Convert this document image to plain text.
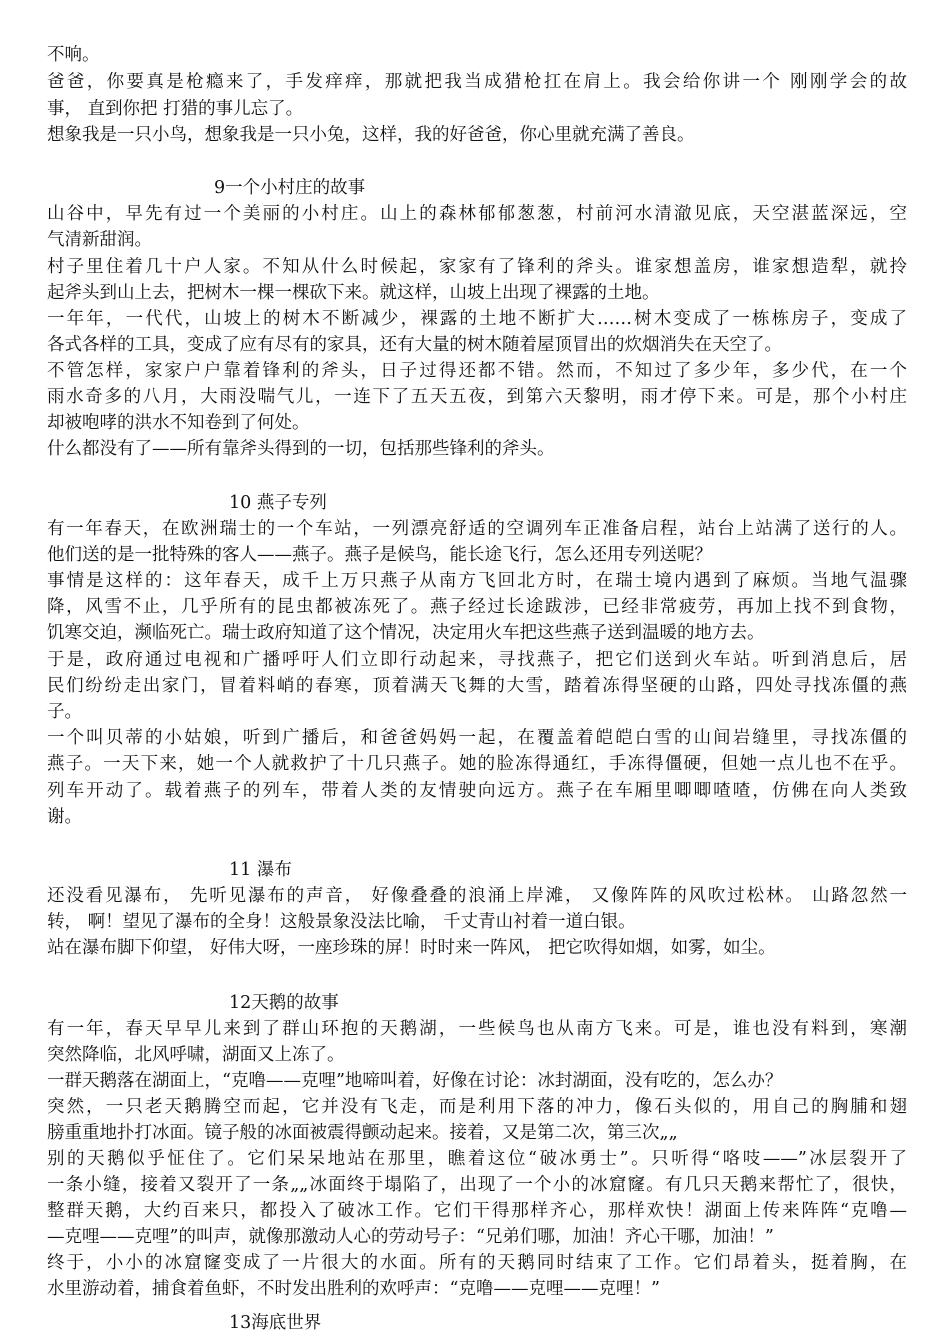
不响。
爸爸，你要真是枪瘾来了，手发痒痒，那就把我当成猎枪扛在肩上。我会给你讲一个 刚刚学会的故
事， 直到你把 打猎的事儿忘了。
想象我是一只小鸟，想象我是一只小兔，这样，我的好爸爸，你心里就充满了善良。
9一个小村庄的故事
山谷中，早先有过一个美丽的小村庄。山上的森林郁郁葱葱，村前河水清澈见底，天空湛蓝深远，空
气清新甜润。
村子里住着几十户人家。不知从什么时候起，家家有了锋利的斧头。谁家想盖房，谁家想造犁，就拎
起斧头到山上去，把树木一棵一棵砍下来。就这样，山坡上出现了裸露的土地。
一年年，一代代，山坡上的树木不断减少，裸露的土地不断扩大……树木变成了一栋栋房子，变成了
各式各样的工具，变成了应有尽有的家具，还有大量的树木随着屋顶冒出的炊烟消失在天空了。
不管怎样，家家户户靠着锋利的斧头，日子过得还都不错。然而，不知过了多少年，多少代，在一个
雨水奇多的八月，大雨没喘气儿，一连下了五天五夜，到第六天黎明，雨才停下来。可是，那个小村庄
却被咆哮的洪水不知卷到了何处。
什么都没有了——所有靠斧头得到的一切，包括那些锋利的斧头。
10 燕子专列
有一年春天，在欧洲瑞士的一个车站，一列漂亮舒适的空调列车正准备启程，站台上站满了送行的人。
他们送的是一批特殊的客人——燕子。燕子是候鸟，能长途飞行，怎么还用专列送呢？
事情是这样的：这年春天，成千上万只燕子从南方飞回北方时，在瑞士境内遇到了麻烦。当地气温骤
降，风雪不止，几乎所有的昆虫都被冻死了。燕子经过长途跋涉，已经非常疲劳，再加上找不到食物，
饥寒交迫，濒临死亡。瑞士政府知道了这个情况，决定用火车把这些燕子送到温暖的地方去。
于是，政府通过电视和广播呼吁人们立即行动起来，寻找燕子，把它们送到火车站。听到消息后，居
民们纷纷走出家门，冒着料峭的春寒，顶着满天飞舞的大雪，踏着冻得坚硬的山路，四处寻找冻僵的燕
子。
一个叫贝蒂的小姑娘，听到广播后，和爸爸妈妈一起，在覆盖着皑皑白雪的山间岩缝里，寻找冻僵的
燕子。一天下来，她一个人就救护了十几只燕子。她的脸冻得通红，手冻得僵硬，但她一点儿也不在乎。
列车开动了。载着燕子的列车，带着人类的友情驶向远方。燕子在车厢里唧唧喳喳，仿佛在向人类致
谢。
11 瀑布
还没看见瀑布， 先听见瀑布的声音， 好像叠叠的浪涌上岸滩， 又像阵阵的风吹过松林。 山路忽然一
转， 啊！望见了瀑布的全身！这般景象没法比喻， 千丈青山衬着一道白银。
站在瀑布脚下仰望， 好伟大呀，一座珍珠的屏！时时来一阵风， 把它吹得如烟，如雾，如尘。
12天鹅的故事
有一年，春天早早儿来到了群山环抱的天鹅湖，一些候鸟也从南方飞来。可是，谁也没有料到，寒潮
突然降临，北风呼啸，湖面又上冻了。
一群天鹅落在湖面上，“克噜——克哩”地啼叫着，好像在讨论：冰封湖面，没有吃的，怎么办？
突然，一只老天鹅腾空而起，它并没有飞走，而是利用下落的冲力，像石头似的，用自己的胸脯和翅
膀重重地扑打冰面。镜子般的冰面被震得颤动起来。接着，又是第二次，第三次„„
别的天鹅似乎怔住了。它们呆呆地站在那里，瞧着这位“破冰勇士”。只听得“咯吱——”冰层裂开了
一条小缝，接着又裂开了一条„„冰面终于塌陷了，出现了一个小的冰窟窿。有几只天鹅来帮忙了，很快，
整群天鹅，大约百来只，都投入了破冰工作。它们干得那样齐心，那样欢快！湖面上传来阵阵“克噜—
—克哩——克哩”的叫声，就像那激动人心的劳动号子：“兄弟们哪，加油！齐心干哪，加油！”
终于，小小的冰窟窿变成了一片很大的水面。所有的天鹅同时结束了工作。它们昂着头，挺着胸，在
水里游动着，捕食着鱼虾，不时发出胜利的欢呼声：“克噜——克哩——克哩！”
13海底世界
